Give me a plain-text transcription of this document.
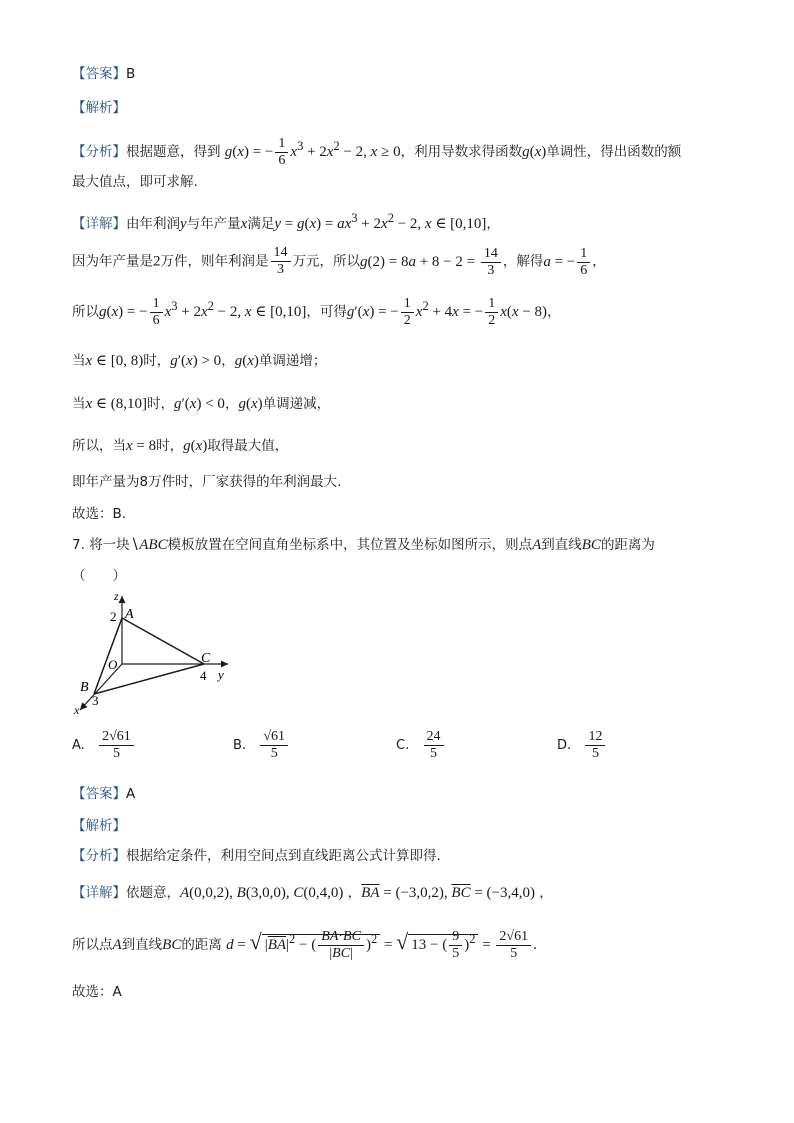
【答案】B
【解析】
【分析】根据题意，得到 g(x) = − $\frac{1}{6} x^3 + 2x^2 - 2$, x ≥ 0，利用导数求得函数g(x)单调性，得出函数的额
最大值点，即可求解.
【详解】由年利润y与年产量x满足$y = g(x) = ax^3 + 2x^2 - 2$, x ∈ [0,10]，
因为年产量是2万件，则年利润是 $\frac{14}{3}$ 万元，所以$g(2) = 8a + 8 - 2 = \frac{14}{3}$ ，解得a = − $\frac{1}{6}$ ，
所以g(x) = − $\frac{1}{6} x^3 + 2x^2 - 2$, x ∈ [0,10]，可得g′(x) = − $\frac{1}{2} x^2 + 4x$ = − $\frac{1}{2} x(x - 8)$，
当x ∈ [0, 8)时，g′(x) > 0，g(x)单调递增；
当x ∈ (8,10]时，g′(x) < 0，g(x)单调递减，
所以，当x = 8时，g(x)取得最大值，
即年产量为8万件时，厂家获得的年利润最大.
故选：B.
7. 将一块∖ABC模板放置在空间直角坐标系中，其位置及坐标如图所示，则点A到直线BC的距离为
（　　）
z
2 A
O	C
4 y
B
3
x
A. $\frac{2√61}{5}$	B. $\frac{√61}{5}$	C. $\frac{24}{5}$	D. $\frac{12}{5}$
【答案】A
【解析】
【分析】根据给定条件，利用空间点到直线距离公式计算即得.
【详解】依题意，A(0,0,2), B(3,0,0), C(0,4,0) ，$\overline{BA} = (-3,0,2)$, $\overline{BC} = (-3,4,0)$ ，
所以点A到直线BC的距离 d = √ $|\overline{BA}|^2$ − ( $\frac{BA\cdot BC}{|BC|} )^2$ = √ 13 − ( $\frac{9}{5} )^2 = \frac{2√61}{5}$ .
故选：A
